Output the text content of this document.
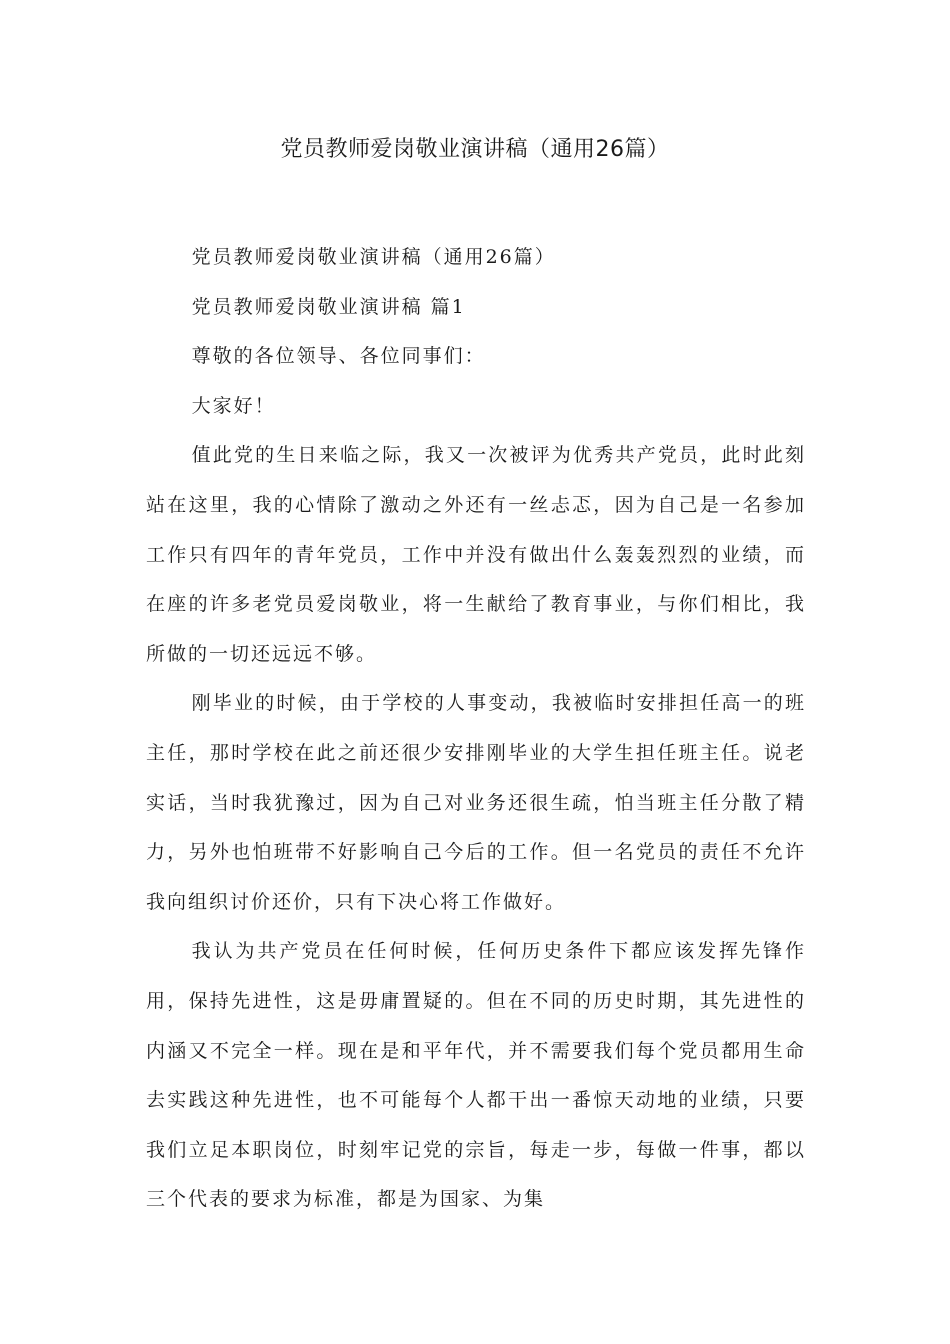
党员教师爱岗敬业演讲稿（通用26篇）

党员教师爱岗敬业演讲稿（通用26篇）

党员教师爱岗敬业演讲稿 篇1

尊敬的各位领导、各位同事们：

大家好！

值此党的生日来临之际，我又一次被评为优秀共产党员，此时此刻站在这里，我的心情除了激动之外还有一丝忐忑，因为自己是一名参加工作只有四年的青年党员，工作中并没有做出什么轰轰烈烈的业绩，而在座的许多老党员爱岗敬业，将一生献给了教育事业，与你们相比，我所做的一切还远远不够。

刚毕业的时候，由于学校的人事变动，我被临时安排担任高一的班主任，那时学校在此之前还很少安排刚毕业的大学生担任班主任。说老实话，当时我犹豫过，因为自己对业务还很生疏，怕当班主任分散了精力，另外也怕班带不好影响自己今后的工作。但一名党员的责任不允许我向组织讨价还价，只有下决心将工作做好。

我认为共产党员在任何时候，任何历史条件下都应该发挥先锋作用，保持先进性，这是毋庸置疑的。但在不同的历史时期，其先进性的内涵又不完全一样。现在是和平年代，并不需要我们每个党员都用生命去实践这种先进性，也不可能每个人都干出一番惊天动地的业绩，只要我们立足本职岗位，时刻牢记党的宗旨，每走一步，每做一件事，都以三个代表的要求为标准，都是为国家、为集
